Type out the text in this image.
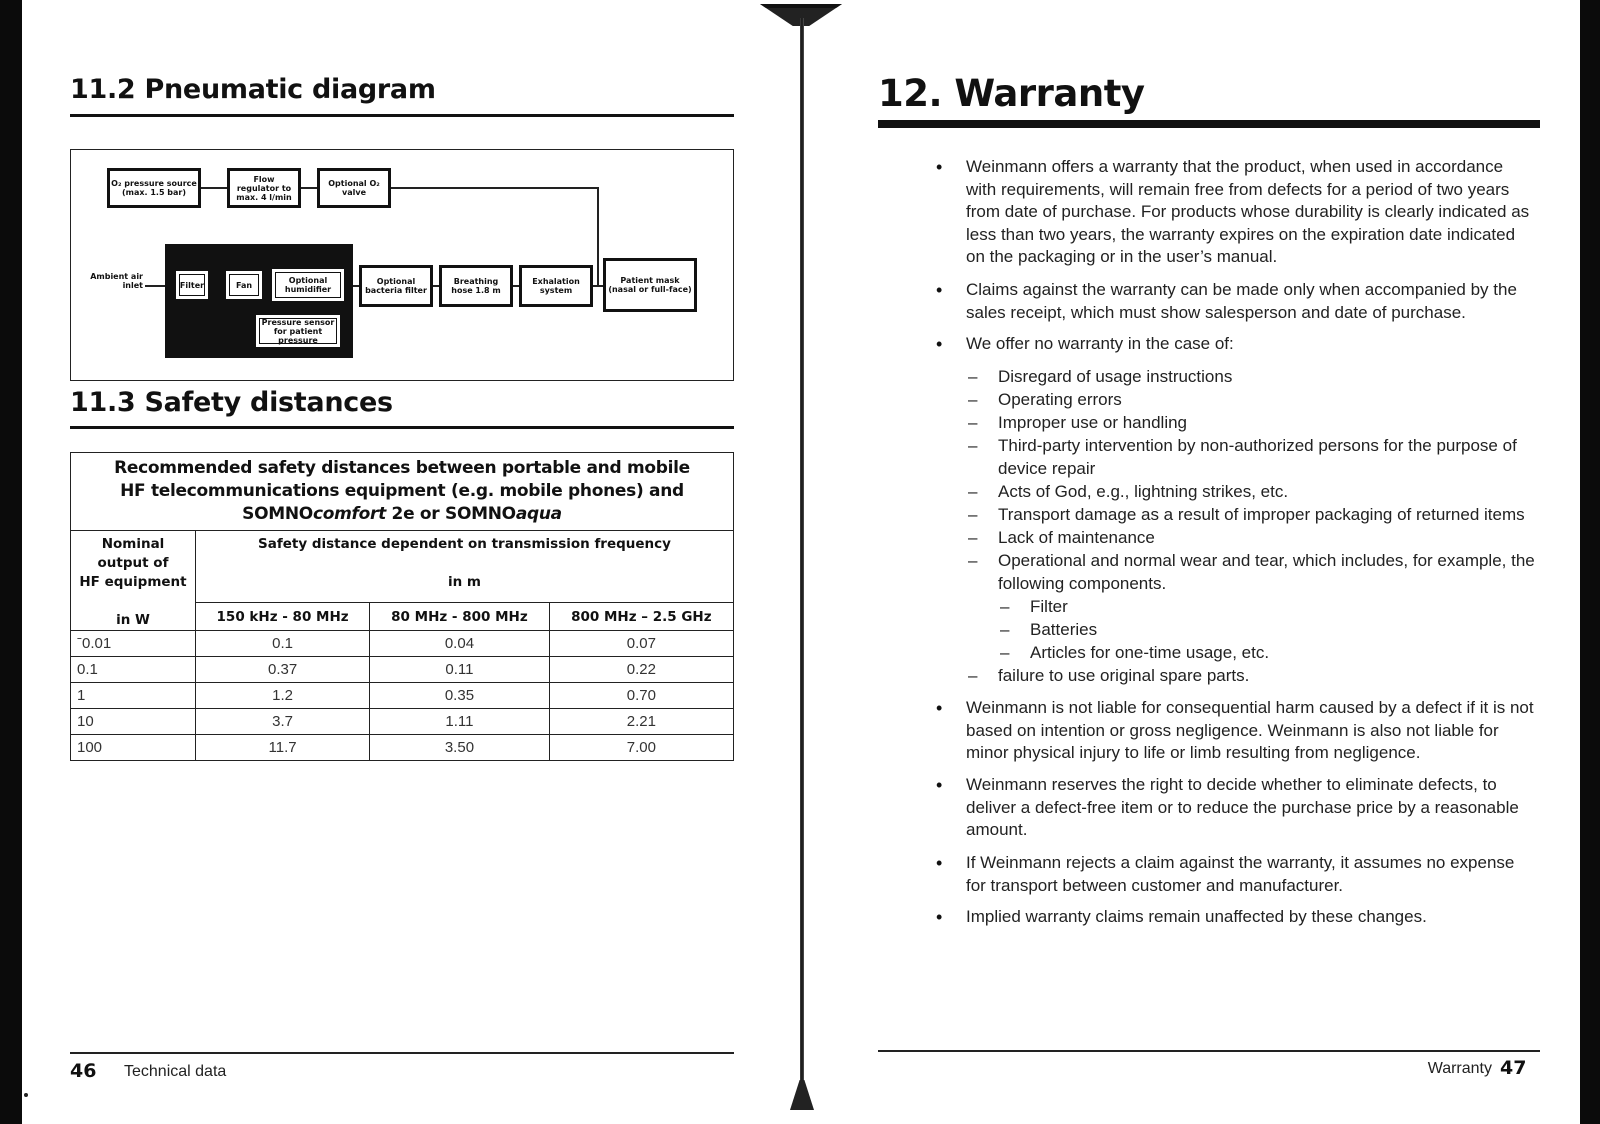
11.2 Pneumatic diagram
O₂ pressure source (max. 1.5 bar)
Flow regulator to max. 4 l/min
Optional O₂ valve
Ambient air inlet	Filter	Fan	Optional humidifier
Pressure sensor for patient pressure
Optional bacteria filter
Breathing hose 1.8 m
Exhalation system
Patient mask (nasal or full-face)
11.3 Safety distances
Recommended safety distances between portable and mobile
HF telecommunications equipment (e.g. mobile phones) and
SOMNOcomfort 2e or SOMNOaqua			
Nominal output of
HF equipment

in W	Safety distance dependent on transmission frequency

in m		
	150 kHz - 80 MHz	80 MHz - 800 MHz	800 MHz – 2.5 GHz
ˉ0.01	0.1	0.04	0.07
0.1	0.37	0.11	0.22
1	1.2	0.35	0.70
10	3.7	1.11	2.21
100	11.7	3.50	7.00
46 Technical data
12. Warranty
• Weinmann offers a warranty that the product, when used in accordance with requirements, will remain free from defects for a period of two years from date of purchase. For products whose durability is clearly indicated as less than two years, the warranty expires on the expiration date indicated on the packaging or in the user’s manual.
• Claims against the warranty can be made only when accompanied by the sales receipt, which must show salesperson and date of purchase.
• We offer no warranty in the case of:
– Disregard of usage instructions
– Operating errors
– Improper use or handling
– Third-party intervention by non-authorized persons for the purpose of device repair
– Acts of God, e.g., lightning strikes, etc.
– Transport damage as a result of improper packaging of returned items
– Lack of maintenance
– Operational and normal wear and tear, which includes, for example, the following components.
– Filter
– Batteries
– Articles for one-time usage, etc.
– failure to use original spare parts.
• Weinmann is not liable for consequential harm caused by a defect if it is not based on intention or gross negligence. Weinmann is also not liable for minor physical injury to life or limb resulting from negligence.
• Weinmann reserves the right to decide whether to eliminate defects, to deliver a defect-free item or to reduce the purchase price by a reasonable amount.
• If Weinmann rejects a claim against the warranty, it assumes no expense for transport between customer and manufacturer.
• Implied warranty claims remain unaffected by these changes.
Warranty 47
